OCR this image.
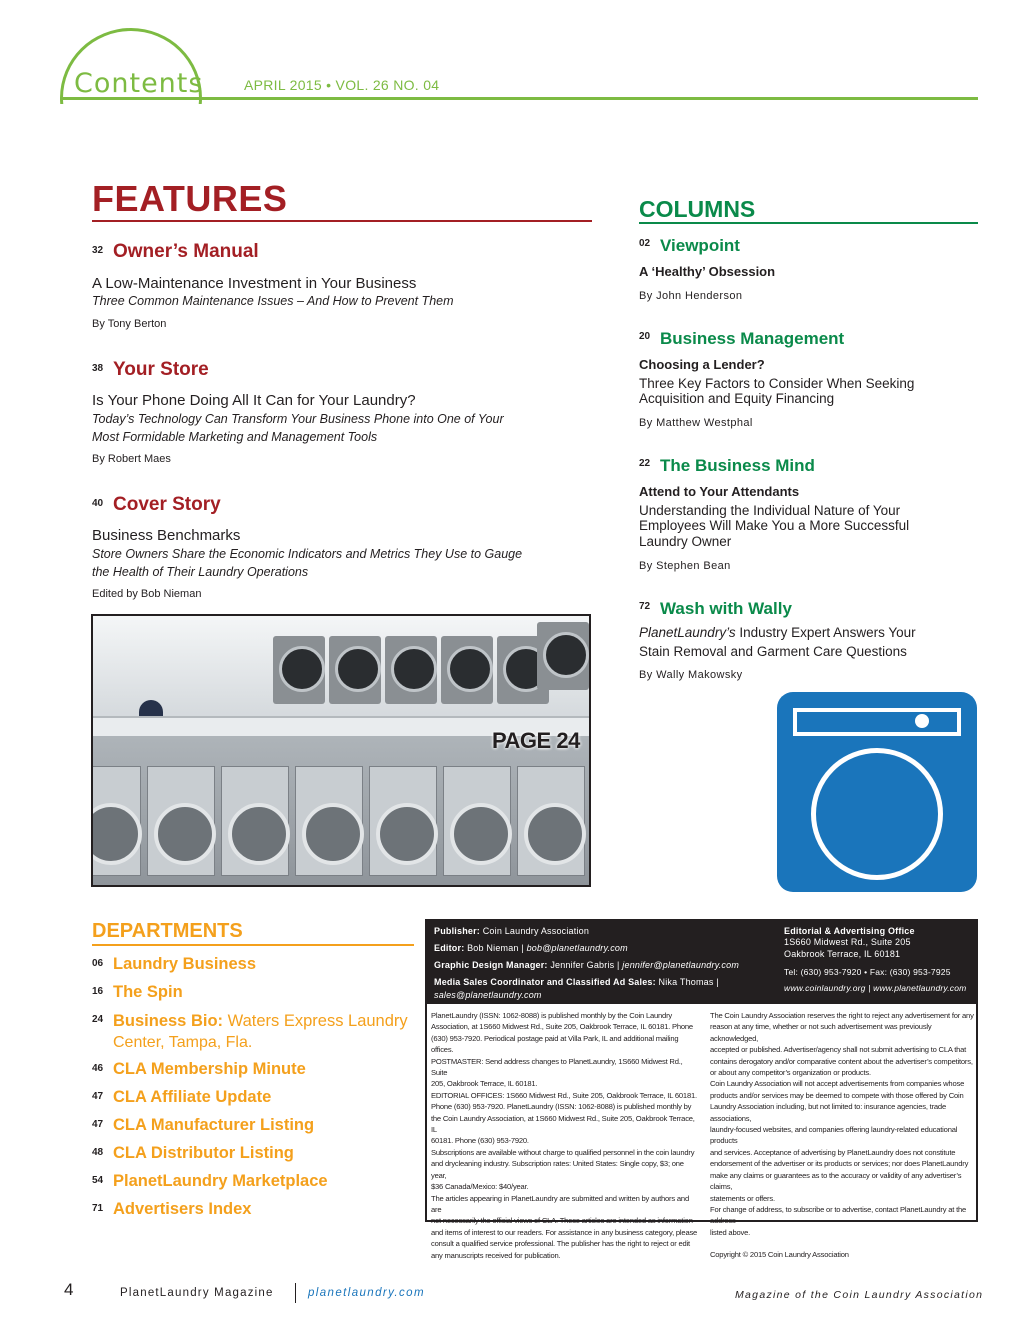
Contents	APRIL 2015 • VOL. 26 NO. 04
FEATURES
32 Owner’s Manual
A Low-Maintenance Investment in Your Business
Three Common Maintenance Issues – And How to Prevent Them
By Tony Berton
38 Your Store
Is Your Phone Doing All It Can for Your Laundry?
Today’s Technology Can Transform Your Business Phone into One of Your
Most Formidable Marketing and Management Tools
By Robert Maes
40 Cover Story
Business Benchmarks
Store Owners Share the Economic Indicators and Metrics They Use to Gauge
the Health of Their Laundry Operations
Edited by Bob Nieman
PAGE 24
COLUMNS
02 Viewpoint
A ‘Healthy’ Obsession
By John Henderson
20 Business Management
Choosing a Lender?
Three Key Factors to Consider When Seeking
Acquisition and Equity Financing
By Matthew Westphal
22 The Business Mind
Attend to Your Attendants
Understanding the Individual Nature of Your
Employees Will Make You a More Successful
Laundry Owner
By Stephen Bean
72 Wash with Wally
PlanetLaundry’s Industry Expert Answers Your
Stain Removal and Garment Care Questions
By Wally Makowsky
DEPARTMENTS
06 Laundry Business
16 The Spin
24 Business Bio: Waters Express Laundry
Center, Tampa, Fla.
46 CLA Membership Minute
47 CLA Affiliate Update
47 CLA Manufacturer Listing
48 CLA Distributor Listing
54 PlanetLaundry Marketplace
71 Advertisers Index
Publisher: Coin Laundry Association
Editor: Bob Nieman | bob@planetlaundry.com
Graphic Design Manager: Jennifer Gabris | jennifer@planetlaundry.com
Media Sales Coordinator and Classified Ad Sales: Nika Thomas |
sales@planetlaundry.com
Editorial & Advertising Office
1S660 Midwest Rd., Suite 205
Oakbrook Terrace, IL 60181
Tel: (630) 953-7920 • Fax: (630) 953-7925
www.coinlaundry.org | www.planetlaundry.com
PlanetLaundry (ISSN: 1062-8088) is published monthly by the Coin Laundry
Association, at 1S660 Midwest Rd., Suite 205, Oakbrook Terrace, IL 60181. Phone
(630) 953-7920. Periodical postage paid at Villa Park, IL and additional mailing offices.
POSTMASTER: Send address changes to PlanetLaundry, 1S660 Midwest Rd., Suite
205, Oakbrook Terrace, IL 60181.
EDITORIAL OFFICES: 1S660 Midwest Rd., Suite 205, Oakbrook Terrace, IL 60181.
Phone (630) 953-7920. PlanetLaundry (ISSN: 1062-8088) is published monthly by
the Coin Laundry Association, at 1S660 Midwest Rd., Suite 205, Oakbrook Terrace, IL
60181. Phone (630) 953-7920.
Subscriptions are available without charge to qualified personnel in the coin laundry
and drycleaning industry. Subscription rates: United States: Single copy, $3; one year,
$36 Canada/Mexico: $40/year.
The articles appearing in PlanetLaundry are submitted and written by authors and are
not necessarily the official views of CLA. These articles are intended as information
and items of interest to our readers. For assistance in any business category, please
consult a qualified service professional. The publisher has the right to reject or edit
any manuscripts received for publication.
The Coin Laundry Association reserves the right to reject any advertisement for any
reason at any time, whether or not such advertisement was previously acknowledged,
accepted or published. Advertiser/agency shall not submit advertising to CLA that
contains derogatory and/or comparative content about the advertiser’s competitors,
or about any competitor’s organization or products.
Coin Laundry Association will not accept advertisements from companies whose
products and/or services may be deemed to compete with those offered by Coin
Laundry Association including, but not limited to: insurance agencies, trade associations,
laundry-focused websites, and companies offering laundry-related educational products
and services. Acceptance of advertising by PlanetLaundry does not constitute
endorsement of the advertiser or its products or services; nor does PlanetLaundry
make any claims or guarantees as to the accuracy or validity of any advertiser’s claims,
statements or offers.
For change of address, to subscribe or to advertise, contact PlanetLaundry at the address
listed above.
Copyright © 2015 Coin Laundry Association
4	PlanetLaundry Magazine	planetlaundry.com	Magazine of the Coin Laundry Association
